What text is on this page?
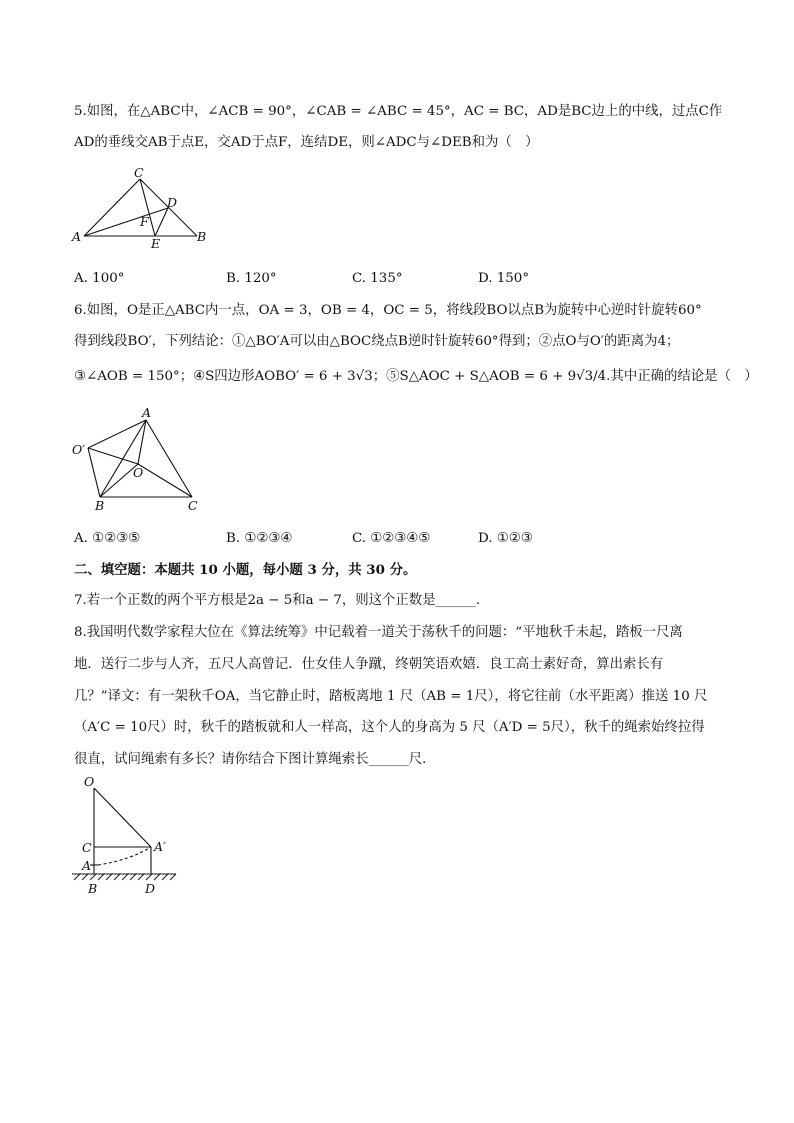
5.如图，在△ABC中，∠ACB = 90°，∠CAB = ∠ABC = 45°，AC = BC，AD是BC边上的中线，过点C作
AD的垂线交AB于点E，交AD于点F，连结DE，则∠ADC与∠DEB和为（　）
C
D
F
A	E	B
A. 100°	B. 120°	C. 135°	D. 150°
6.如图，O是正△ABC内一点，OA = 3，OB = 4，OC = 5，将线段BO以点B为旋转中心逆时针旋转60°
得到线段BO′，下列结论：①△BO′A可以由△BOC绕点B逆时针旋转60°得到；②点O与O′的距离为4；
③∠AOB = 150°；④S四边形AOBO′ = 6 + 3√3；⑤S△AOC + S△AOB = 6 + 9√3/4.其中正确的结论是（　）
A
O′
O
B	C
A. ①②③⑤	B. ①②③④	C. ①②③④⑤	D. ①②③
二、填空题：本题共 10 小题，每小题 3 分，共 30 分。
7.若一个正数的两个平方根是2a − 5和a − 7，则这个正数是______.
8.我国明代数学家程大位在《算法统筹》中记载着一道关于荡秋千的问题：“平地秋千未起，踏板一尺离
地．送行二步与人齐，五尺人高曾记．仕女佳人争蹴，终朝笑语欢嬉．良工高士素好奇，算出索长有
几？”译文：有一架秋千OA，当它静止时，踏板离地 1 尺（AB = 1尺），将它往前（水平距离）推送 10 尺
（A′C = 10尺）时，秋千的踏板就和人一样高，这个人的身高为 5 尺（A′D = 5尺），秋千的绳索始终拉得
很直，试问绳索有多长？请你结合下图计算绳索长______尺.
O
C	A′
A
B	D
